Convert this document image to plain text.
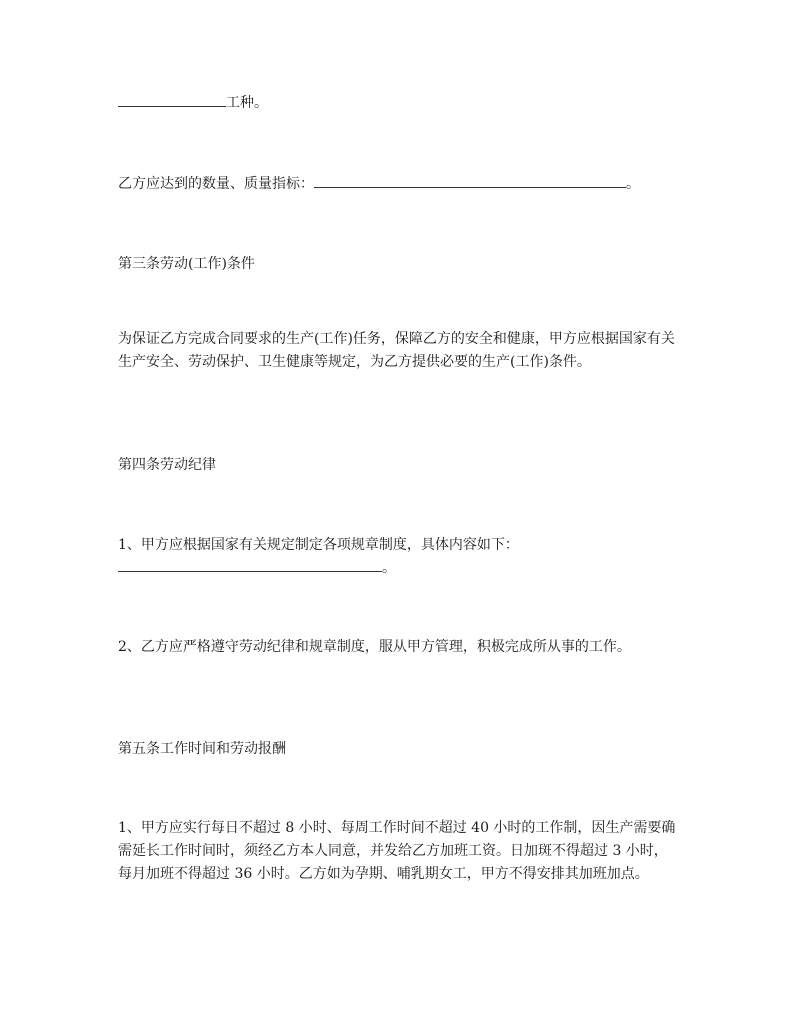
工种。
乙方应达到的数量、质量指标：	。
第三条劳动(工作)条件
为保证乙方完成合同要求的生产(工作)任务，保障乙方的安全和健康，甲方应根据国家有关生产安全、劳动保护、卫生健康等规定，为乙方提供必要的生产(工作)条件。
第四条劳动纪律
1、甲方应根据国家有关规定制定各项规章制度，具体内容如下：
。
2、乙方应严格遵守劳动纪律和规章制度，服从甲方管理，积极完成所从事的工作。
第五条工作时间和劳动报酬
1、甲方应实行每日不超过 8 小时、每周工作时间不超过 40 小时的工作制，因生产需要确需延长工作时间时，须经乙方本人同意，并发给乙方加班工资。日加斑不得超过 3 小时，每月加班不得超过 36 小时。乙方如为孕期、哺乳期女工，甲方不得安排其加班加点。
